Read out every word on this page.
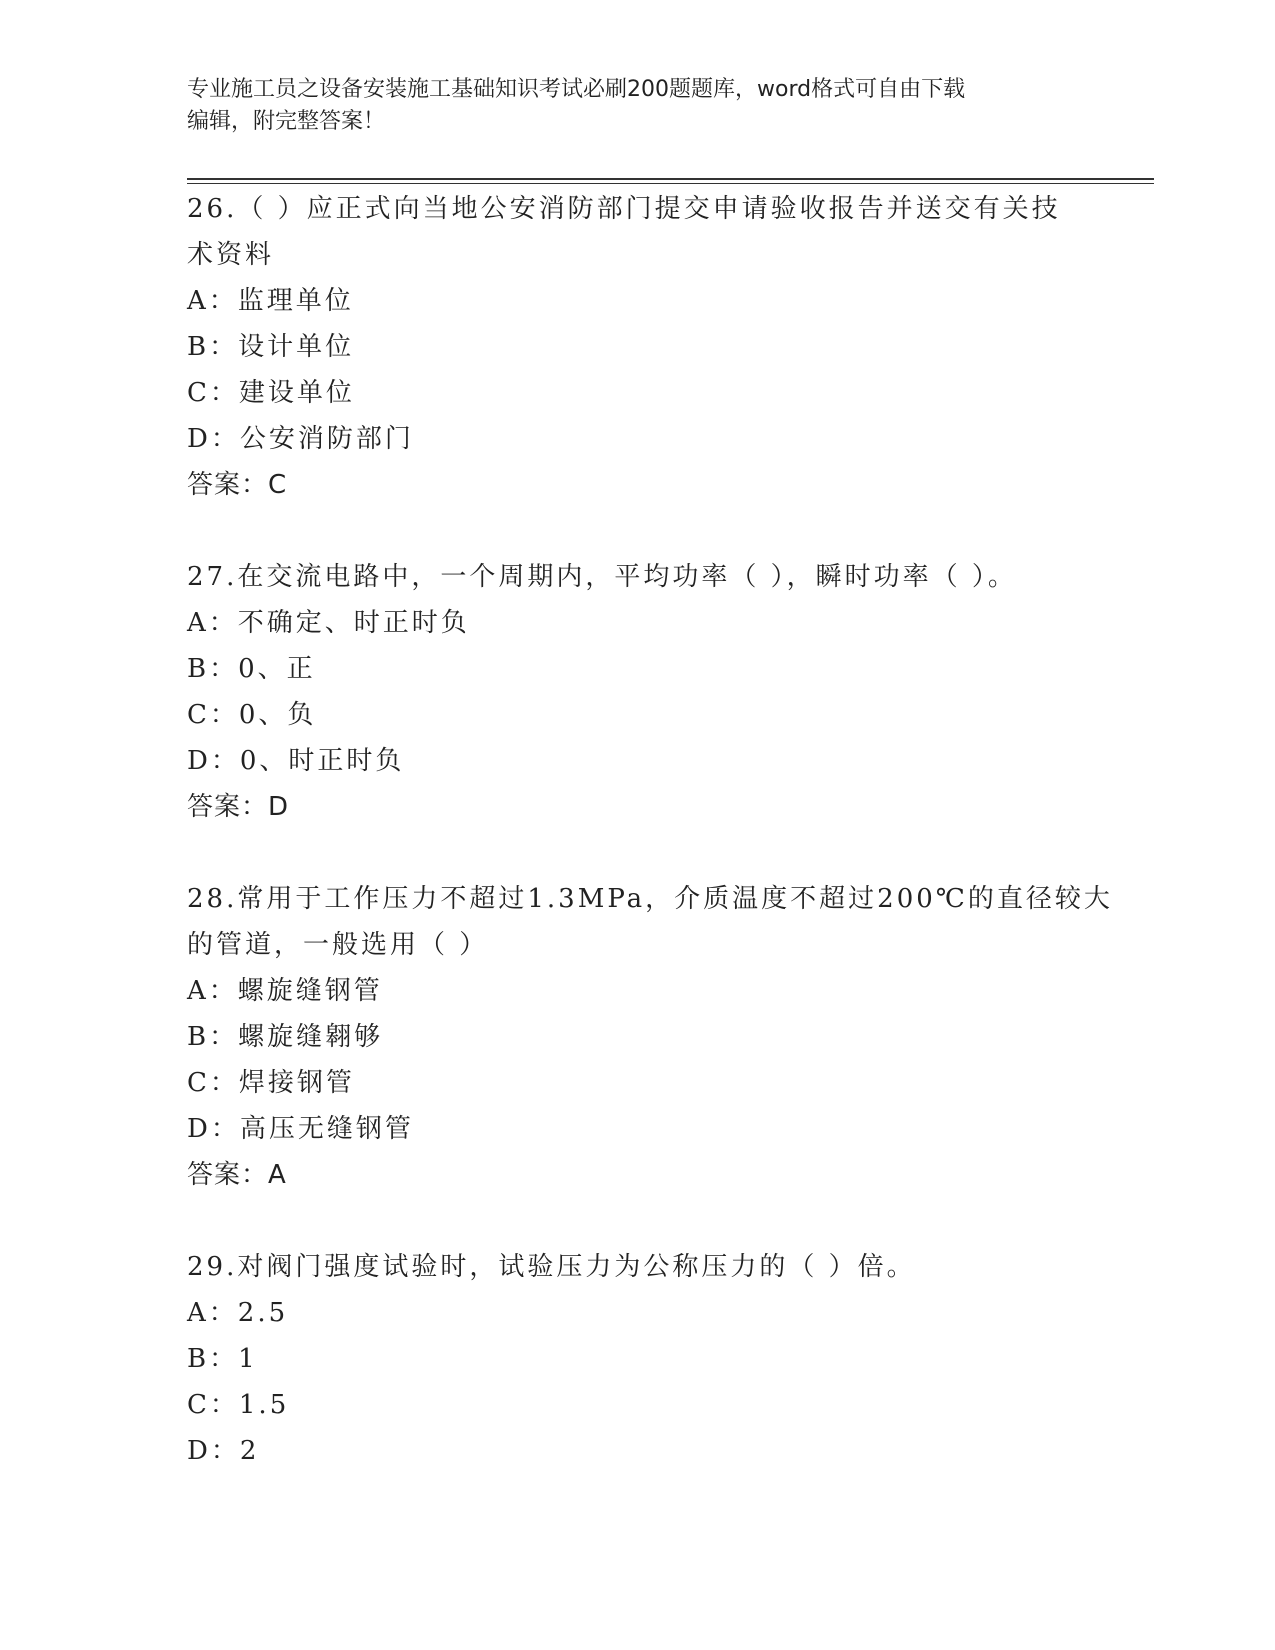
专业施工员之设备安装施工基础知识考试必刷200题题库，word格式可自由下载
编辑，附完整答案！

26.（ ）应正式向当地公安消防部门提交申请验收报告并送交有关技

术资料

A：监理单位

B：设计单位

C：建设单位

D：公安消防部门

答案：C

27.在交流电路中，一个周期内，平均功率（ ），瞬时功率（ ）。

A：不确定、时正时负

B：0、正

C：0、负

D：0、时正时负

答案：D

28.常用于工作压力不超过1.3MPa，介质温度不超过200℃的直径较大

的管道，一般选用（ ）

A：螺旋缝钢管

B：螺旋缝翱够

C：焊接钢管

D：高压无缝钢管

答案：A

29.对阀门强度试验时，试验压力为公称压力的（ ）倍。

A：2.5

B：1

C：1.5

D：2
